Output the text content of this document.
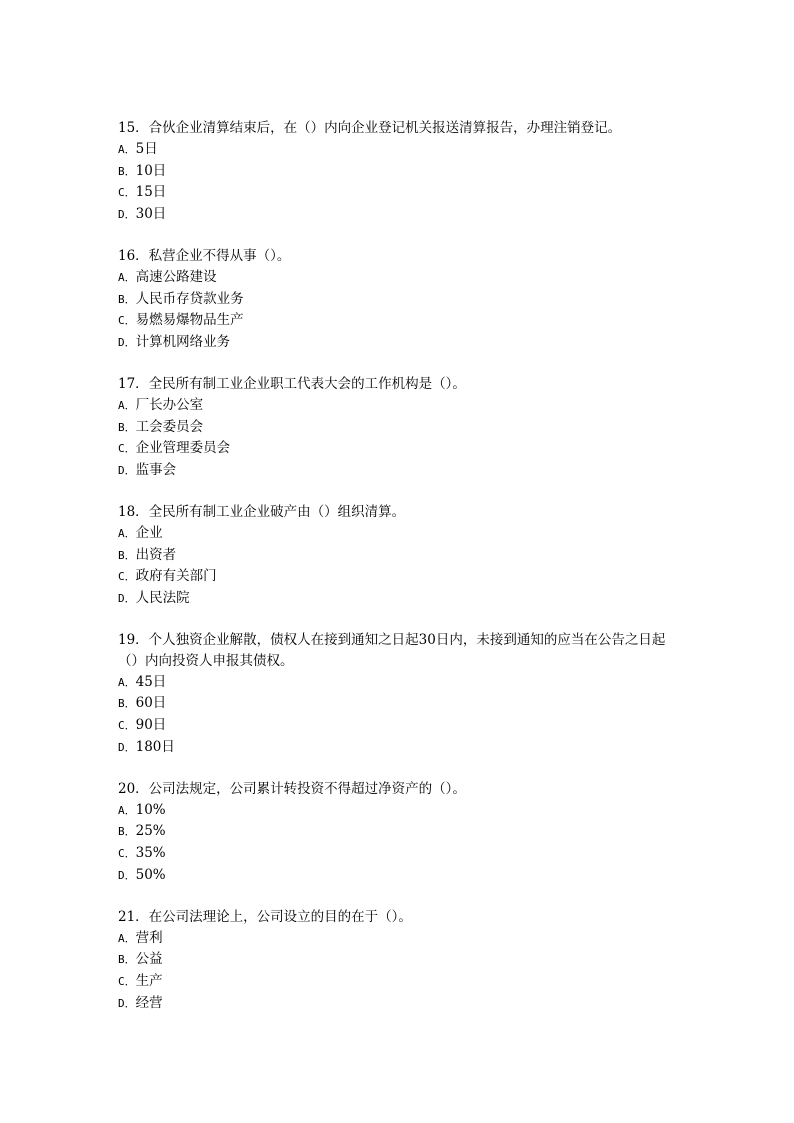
15．合伙企业清算结束后，在（）内向企业登记机关报送清算报告，办理注销登记。

A．5日
B．10日
C．15日
D．30日

16．私营企业不得从事（）。

A．高速公路建设
B．人民币存贷款业务
C．易燃易爆物品生产
D．计算机网络业务

17．全民所有制工业企业职工代表大会的工作机构是（）。

A．厂长办公室
B．工会委员会
C．企业管理委员会
D．监事会

18．全民所有制工业企业破产由（）组织清算。

A．企业
B．出资者
C．政府有关部门
D．人民法院

19．个人独资企业解散，债权人在接到通知之日起30日内，未接到通知的应当在公告之日起（）内向投资人申报其债权。

A．45日
B．60日
C．90日
D．180日

20．公司法规定，公司累计转投资不得超过净资产的（）。

A．10%
B．25%
C．35%
D．50%

21．在公司法理论上，公司设立的目的在于（）。

A．营利
B．公益
C．生产
D．经营
